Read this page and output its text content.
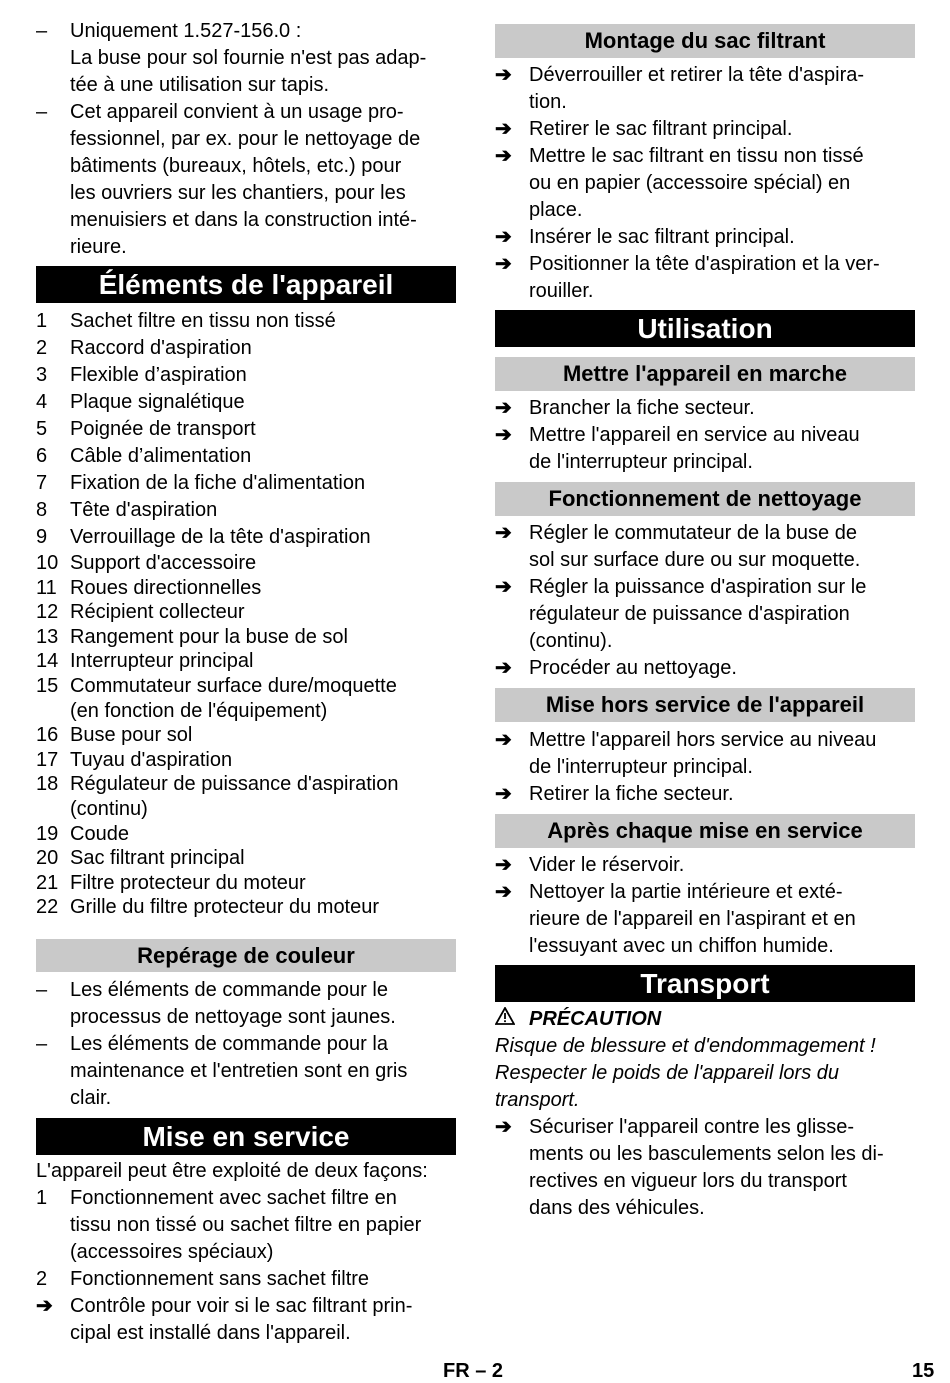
–	Uniquement 1.527-156.0 :
La buse pour sol fournie n'est pas adap-
tée à une utilisation sur tapis.
–	Cet appareil convient à un usage pro-
fessionnel, par ex. pour le nettoyage de
bâtiments (bureaux, hôtels, etc.) pour
les ouvriers sur les chantiers, pour les
menuisiers et dans la construction inté-
rieure.
Éléments de l'appareil
1 Sachet filtre en tissu non tissé
2 Raccord d'aspiration
3 Flexible d’aspiration
4 Plaque signalétique
5 Poignée de transport
6 Câble d’alimentation
7 Fixation de la fiche d'alimentation
8 Tête d'aspiration
9 Verrouillage de la tête d'aspiration
10 Support d'accessoire
11 Roues directionnelles
12 Récipient collecteur
13 Rangement pour la buse de sol
14 Interrupteur principal
15 Commutateur surface dure/moquette
(en fonction de l'équipement)
16 Buse pour sol
17 Tuyau d'aspiration
18 Régulateur de puissance d'aspiration
(continu)
19 Coude
20 Sac filtrant principal
21 Filtre protecteur du moteur
22 Grille du filtre protecteur du moteur
Repérage de couleur
–	Les éléments de commande pour le
processus de nettoyage sont jaunes.
–	Les éléments de commande pour la
maintenance et l'entretien sont en gris
clair.
Mise en service
L'appareil peut être exploité de deux façons:
1	Fonctionnement avec sachet filtre en
tissu non tissé ou sachet filtre en papier
(accessoires spéciaux)
2	Fonctionnement sans sachet filtre
➔ Contrôle pour voir si le sac filtrant prin-
cipal est installé dans l'appareil.
Montage du sac filtrant
➔ Déverrouiller et retirer la tête d'aspira-
tion.
➔ Retirer le sac filtrant principal.
➔ Mettre le sac filtrant en tissu non tissé
ou en papier (accessoire spécial) en
place.
➔ Insérer le sac filtrant principal.
➔ Positionner la tête d'aspiration et la ver-
rouiller.
Utilisation
Mettre l'appareil en marche
➔ Brancher la fiche secteur.
➔ Mettre l'appareil en service au niveau
de l'interrupteur principal.
Fonctionnement de nettoyage
➔ Régler le commutateur de la buse de
sol sur surface dure ou sur moquette.
➔ Régler la puissance d'aspiration sur le
régulateur de puissance d'aspiration
(continu).
➔ Procéder au nettoyage.
Mise hors service de l'appareil
➔ Mettre l'appareil hors service au niveau
de l'interrupteur principal.
➔ Retirer la fiche secteur.
Après chaque mise en service
➔ Vider le réservoir.
➔ Nettoyer la partie intérieure et exté-
rieure de l'appareil en l'aspirant et en
l'essuyant avec un chiffon humide.
Transport
PRÉCAUTION
Risque de blessure et d'endommagement !
Respecter le poids de l'appareil lors du
transport.
➔ Sécuriser l'appareil contre les glisse-
ments ou les basculements selon les di-
rectives en vigueur lors du transport
dans des véhicules.
FR – 2	15
